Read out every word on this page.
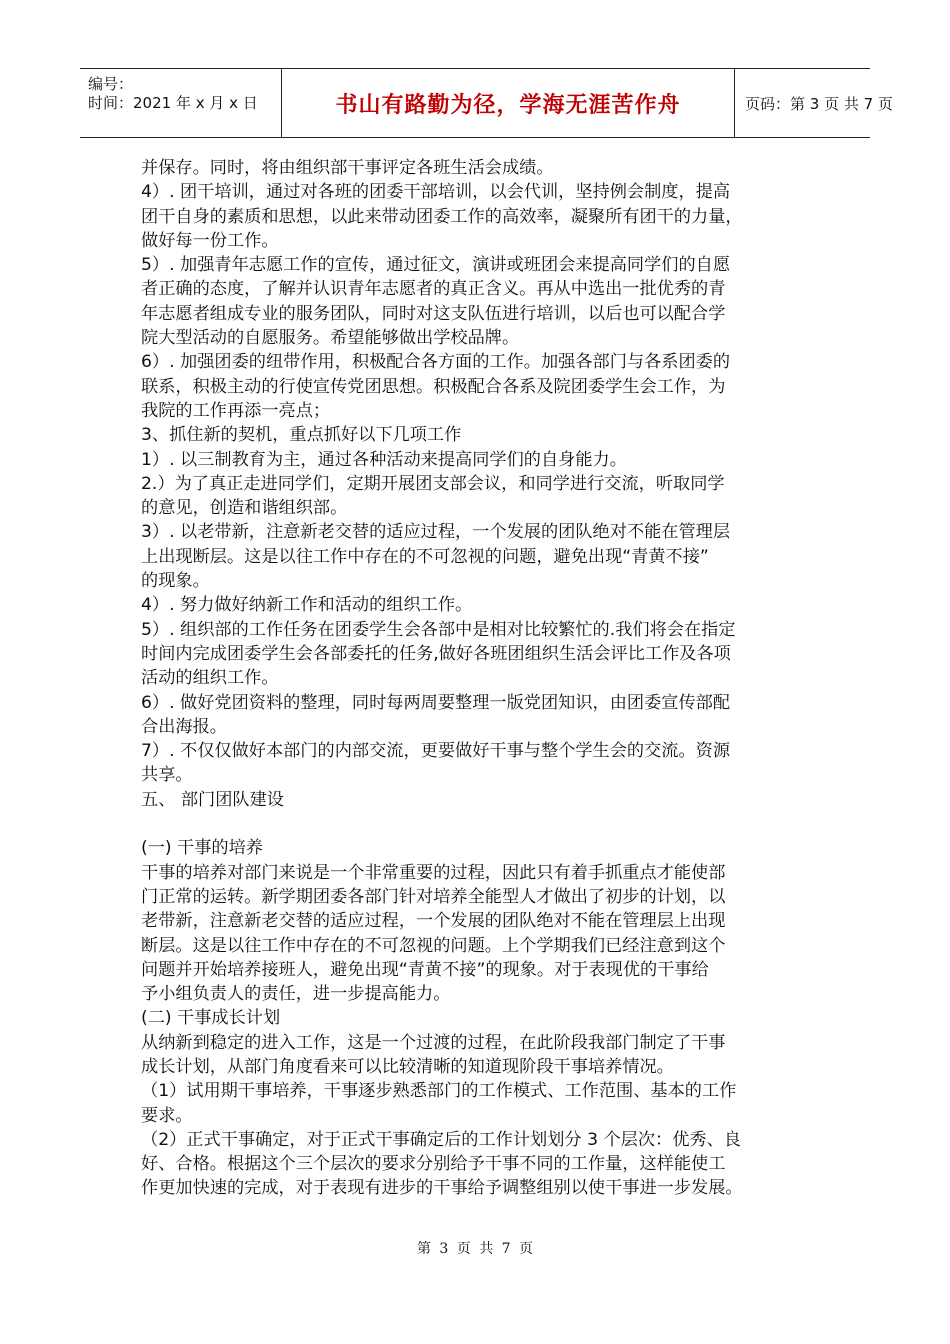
编号：
时间：2021 年 x 月 x 日	书山有路勤为径，学海无涯苦作舟	页码：第 3 页 共 7 页

并保存。同时，将由组织部干事评定各班生活会成绩。

4）. 团干培训，通过对各班的团委干部培训，以会代训，坚持例会制度，提高

团干自身的素质和思想，以此来带动团委工作的高效率，凝聚所有团干的力量，

做好每一份工作。

5）. 加强青年志愿工作的宣传，通过征文，演讲或班团会来提高同学们的自愿

者正确的态度，了解并认识青年志愿者的真正含义。再从中选出一批优秀的青

年志愿者组成专业的服务团队，同时对这支队伍进行培训，以后也可以配合学

院大型活动的自愿服务。希望能够做出学校品牌。

6）. 加强团委的纽带作用，积极配合各方面的工作。加强各部门与各系团委的

联系，积极主动的行使宣传党团思想。积极配合各系及院团委学生会工作，为

我院的工作再添一亮点；

3、抓住新的契机，重点抓好以下几项工作

1）. 以三制教育为主，通过各种活动来提高同学们的自身能力。

2.）为了真正走进同学们，定期开展团支部会议，和同学进行交流，听取同学

的意见，创造和谐组织部。

3）. 以老带新，注意新老交替的适应过程，一个发展的团队绝对不能在管理层

上出现断层。这是以往工作中存在的不可忽视的问题，避免出现“青黄不接”

的现象。

4）. 努力做好纳新工作和活动的组织工作。

5）. 组织部的工作任务在团委学生会各部中是相对比较繁忙的.我们将会在指定

时间内完成团委学生会各部委托的任务,做好各班团组织生活会评比工作及各项

活动的组织工作。

6）. 做好党团资料的整理，同时每两周要整理一版党团知识，由团委宣传部配

合出海报。

7）. 不仅仅做好本部门的内部交流，更要做好干事与整个学生会的交流。资源

共享。

五、 部门团队建设

(一) 干事的培养

干事的培养对部门来说是一个非常重要的过程，因此只有着手抓重点才能使部

门正常的运转。新学期团委各部门针对培养全能型人才做出了初步的计划，以

老带新，注意新老交替的适应过程，一个发展的团队绝对不能在管理层上出现

断层。这是以往工作中存在的不可忽视的问题。上个学期我们已经注意到这个

问题并开始培养接班人，避免出现“青黄不接”的现象。对于表现优的干事给

予小组负责人的责任，进一步提高能力。

(二) 干事成长计划

从纳新到稳定的进入工作，这是一个过渡的过程，在此阶段我部门制定了干事

成长计划，从部门角度看来可以比较清晰的知道现阶段干事培养情况。

（1）试用期干事培养，干事逐步熟悉部门的工作模式、工作范围、基本的工作

要求。

（2）正式干事确定，对于正式干事确定后的工作计划划分 3 个层次：优秀、良

好、合格。根据这个三个层次的要求分别给予干事不同的工作量，这样能使工

作更加快速的完成，对于表现有进步的干事给予调整组别以使干事进一步发展。

第 3 页 共 7 页
